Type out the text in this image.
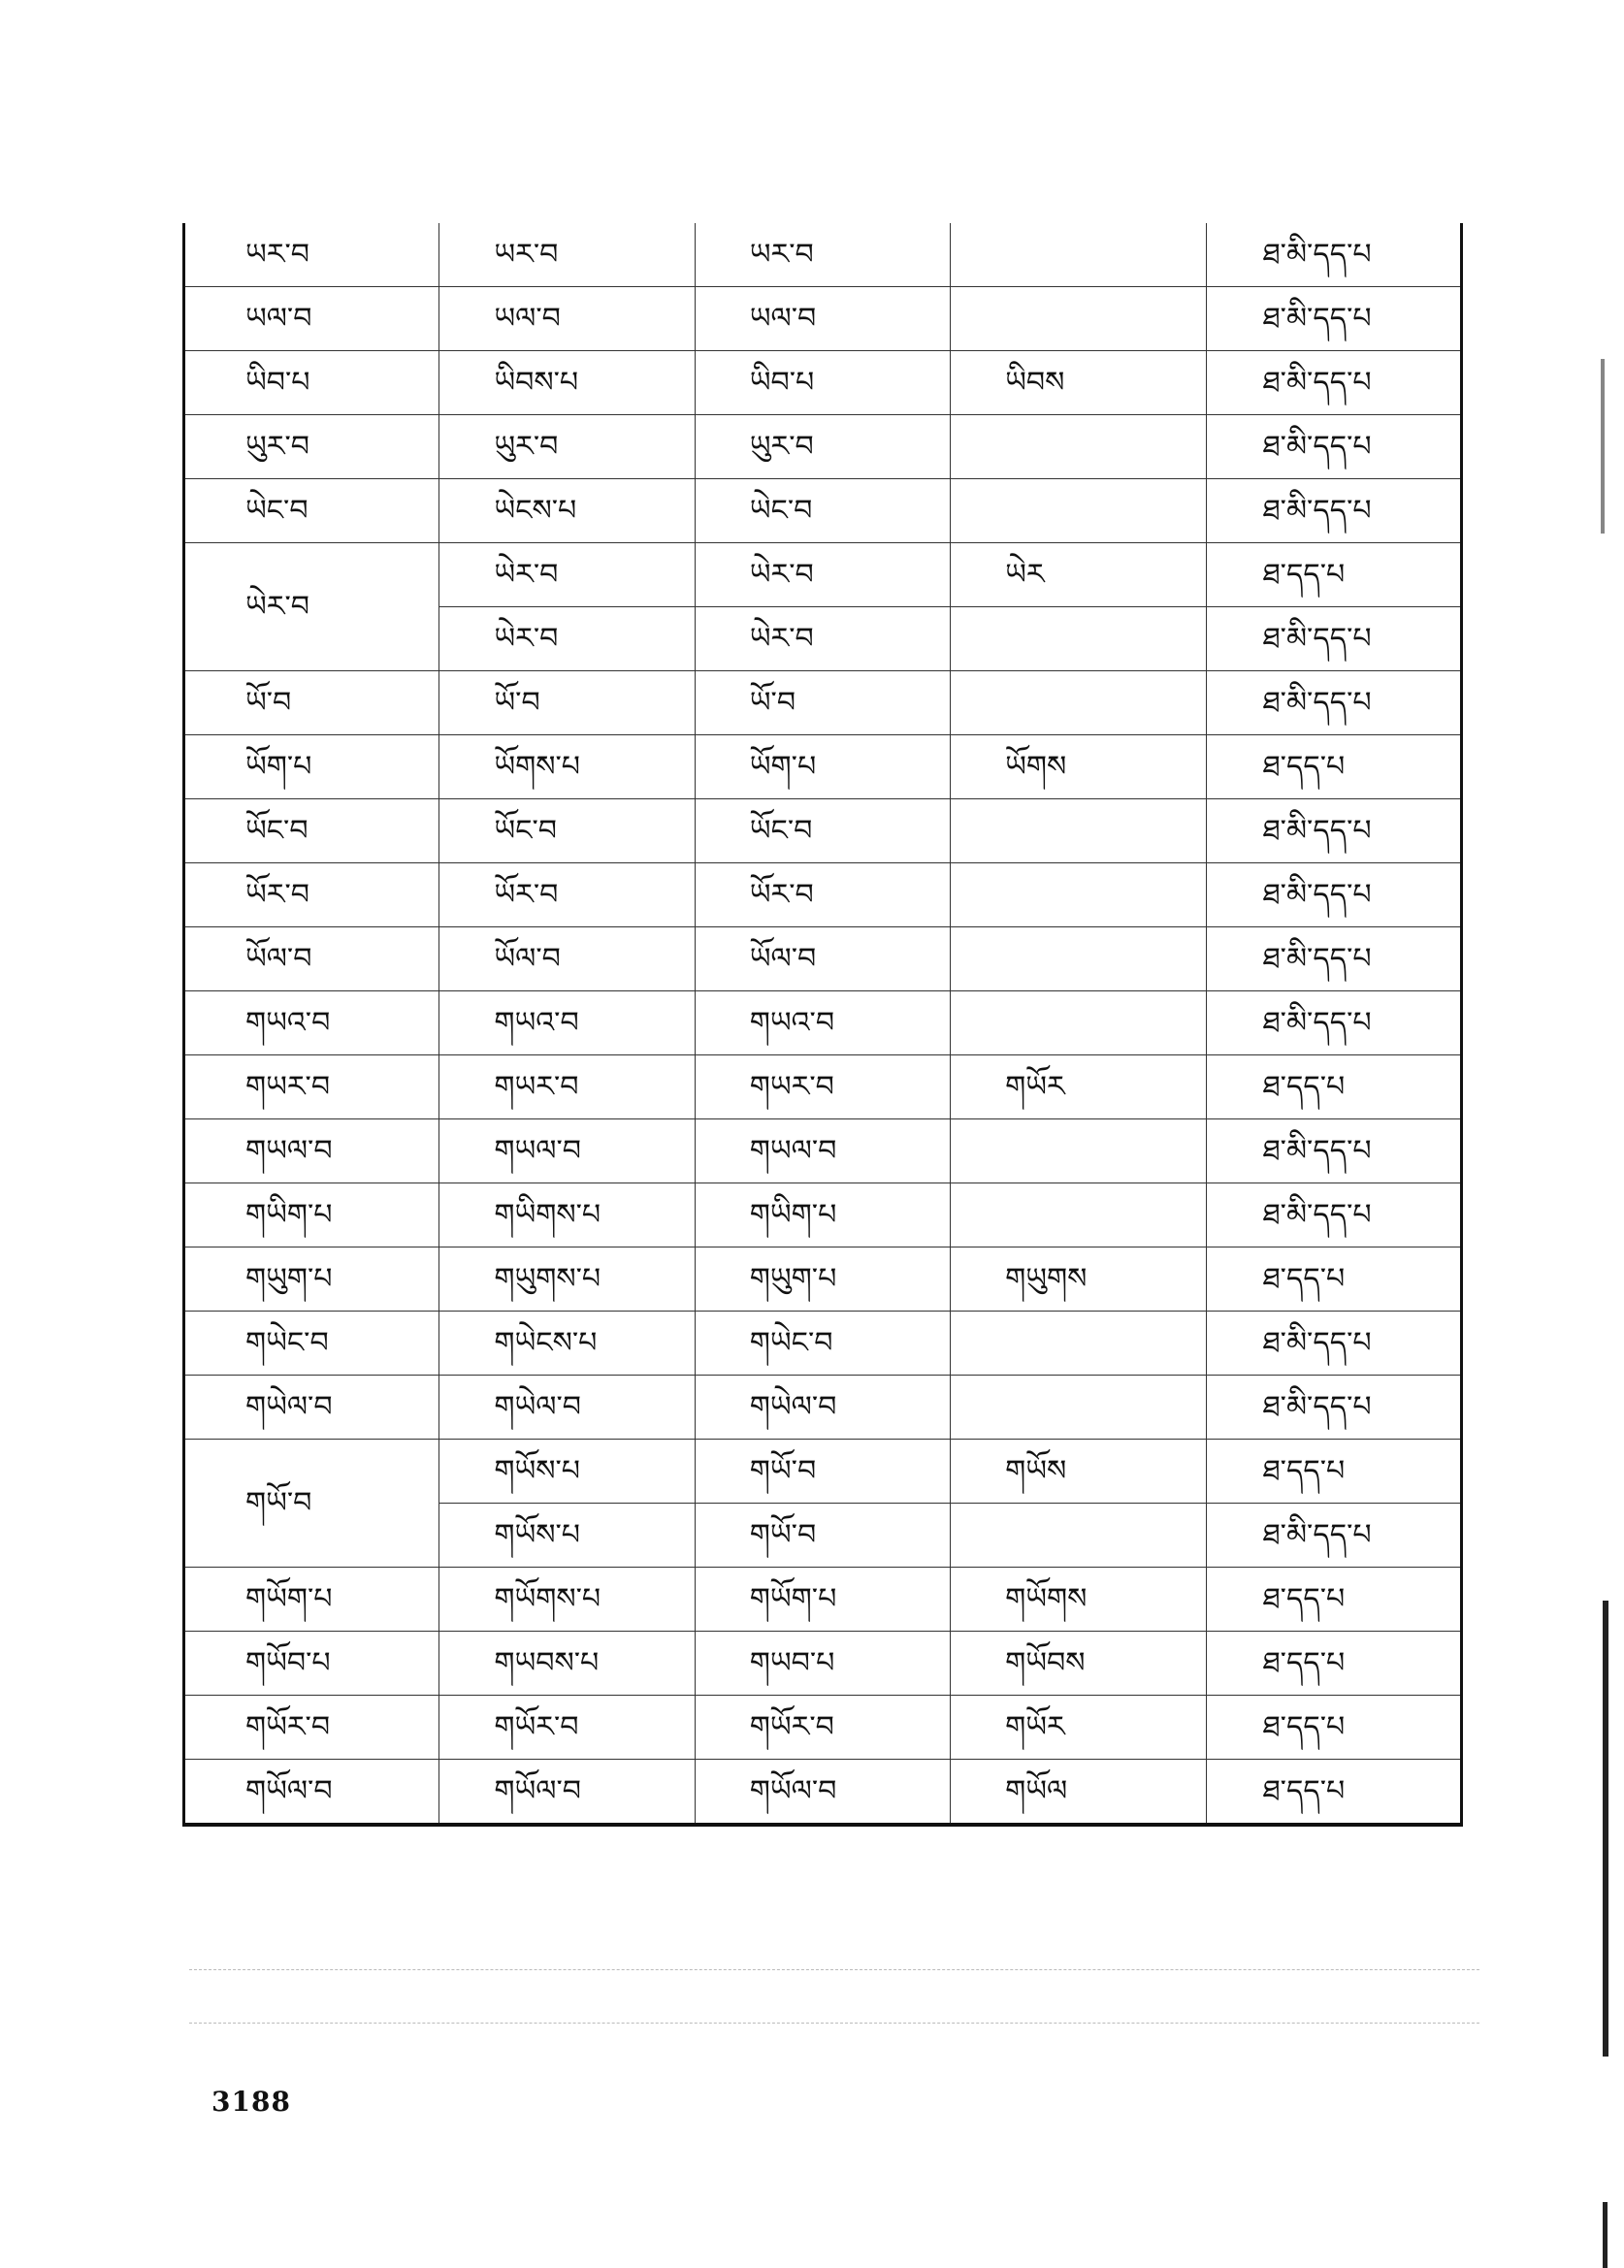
ཡར་བ	ཡར་བ	ཡར་བ		ཐ་མི་དད་པ
ཡལ་བ	ཡལ་བ	ཡལ་བ		ཐ་མི་དད་པ
ཡིབ་པ	ཡིབས་པ	ཡིབ་པ	ཡིབས	ཐ་མི་དད་པ
ཡུར་བ	ཡུར་བ	ཡུར་བ		ཐ་མི་དད་པ
ཡེང་བ	ཡེངས་པ	ཡེང་བ		ཐ་མི་དད་པ
ཡེར་བ	ཡེར་བ	ཡེར་བ	ཡེར	ཐ་དད་པ
	ཡེར་བ	ཡེར་བ		ཐ་མི་དད་པ
ཡོ་བ	ཡོ་བ	ཡོ་བ		ཐ་མི་དད་པ
ཡོག་པ	ཡོགས་པ	ཡོག་པ	ཡོགས	ཐ་དད་པ
ཡོང་བ	ཡོང་བ	ཡོང་བ		ཐ་མི་དད་པ
ཡོར་བ	ཡོར་བ	ཡོར་བ		ཐ་མི་དད་པ
ཡོལ་བ	ཡོལ་བ	ཡོལ་བ		ཐ་མི་དད་པ
གཡའ་བ	གཡའ་བ	གཡའ་བ		ཐ་མི་དད་པ
གཡར་བ	གཡར་བ	གཡར་བ	གཡོར	ཐ་དད་པ
གཡལ་བ	གཡལ་བ	གཡལ་བ		ཐ་མི་དད་པ
གཡིག་པ	གཡིགས་པ	གཡིག་པ		ཐ་མི་དད་པ
གཡུག་པ	གཡུགས་པ	གཡུག་པ	གཡུགས	ཐ་དད་པ
གཡེང་བ	གཡེངས་པ	གཡེང་བ		ཐ་མི་དད་པ
གཡེལ་བ	གཡེལ་བ	གཡེལ་བ		ཐ་མི་དད་པ
གཡོ་བ	གཡོས་པ	གཡོ་བ	གཡོས	ཐ་དད་པ
	གཡོས་པ	གཡོ་བ		ཐ་མི་དད་པ
གཡོག་པ	གཡོགས་པ	གཡོག་པ	གཡོགས	ཐ་དད་པ
གཡོབ་པ	གཡབས་པ	གཡབ་པ	གཡོབས	ཐ་དད་པ
གཡོར་བ	གཡོར་བ	གཡོར་བ	གཡོར	ཐ་དད་པ
གཡོལ་བ	གཡོལ་བ	གཡོལ་བ	གཡོལ	ཐ་དད་པ
3188
